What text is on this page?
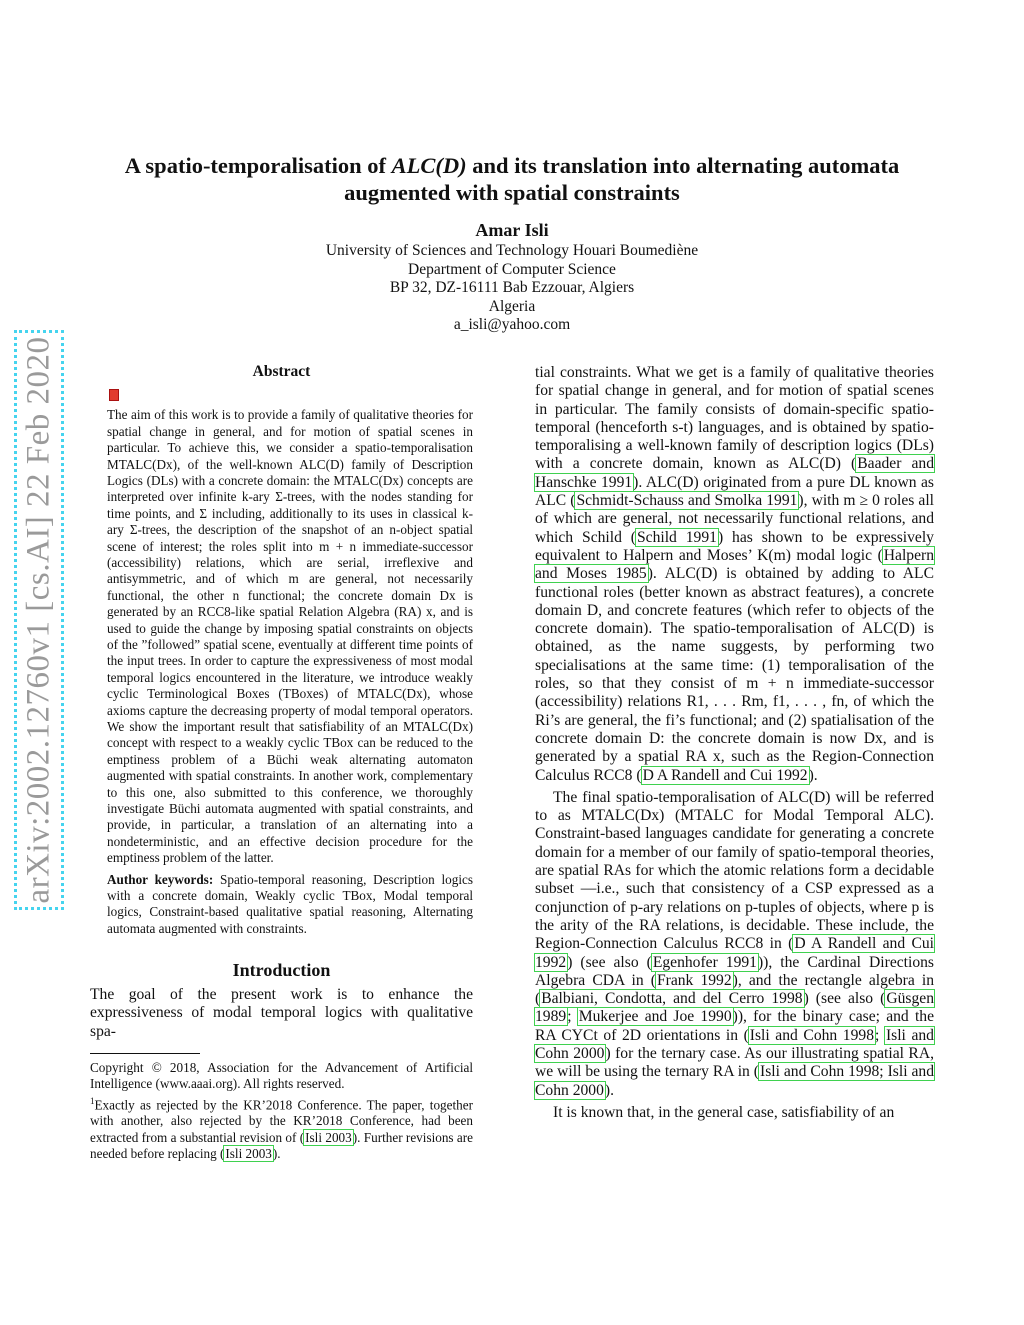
arXiv:2002.12760v1 [cs.AI] 22 Feb 2020
A spatio-temporalisation of ALC(D) and its translation into alternating automata
augmented with spatial constraints
Amar Isli
University of Sciences and Technology Houari Boumediène
Department of Computer Science
BP 32, DZ-16111 Bab Ezzouar, Algiers
Algeria
a_isli@yahoo.com
Abstract

The aim of this work is to provide a family of qualitative theories for spatial change in general, and for motion of spatial scenes in particular. To achieve this, we consider a spatio-temporalisation MTALC(Dx), of the well-known ALC(D) family of Description Logics (DLs) with a concrete domain: the MTALC(Dx) concepts are interpreted over infinite k-ary Σ-trees, with the nodes standing for time points, and Σ including, additionally to its uses in classical k-ary Σ-trees, the description of the snapshot of an n-object spatial scene of interest; the roles split into m + n immediate-successor (accessibility) relations, which are serial, irreflexive and antisymmetric, and of which m are general, not necessarily functional, the other n functional; the concrete domain Dx is generated by an RCC8-like spatial Relation Algebra (RA) x, and is used to guide the change by imposing spatial constraints on objects of the ”followed” spatial scene, eventually at different time points of the input trees. In order to capture the expressiveness of most modal temporal logics encountered in the literature, we introduce weakly cyclic Terminological Boxes (TBoxes) of MTALC(Dx), whose axioms capture the decreasing property of modal temporal operators. We show the important result that satisfiability of an MTALC(Dx) concept with respect to a weakly cyclic TBox can be reduced to the emptiness problem of a Büchi weak alternating automaton augmented with spatial constraints. In another work, complementary to this one, also submitted to this conference, we thoroughly investigate Büchi automata augmented with spatial constraints, and provide, in particular, a translation of an alternating into a nondeterministic, and an effective decision procedure for the emptiness problem of the latter.

Author keywords: Spatio-temporal reasoning, Description logics with a concrete domain, Weakly cyclic TBox, Modal temporal logics, Constraint-based qualitative spatial reasoning, Alternating automata augmented with constraints.

Introduction

The goal of the present work is to enhance the expressiveness of modal temporal logics with qualitative spa-

Copyright © 2018, Association for the Advancement of Artificial Intelligence (www.aaai.org). All rights reserved.

$^1$Exactly as rejected by the KR’2018 Conference. The paper, together with another, also rejected by the KR’2018 Conference, had been extracted from a substantial revision of (Isli 2003). Further revisions are needed before replacing (Isli 2003).

tial constraints. What we get is a family of qualitative theories for spatial change in general, and for motion of spatial scenes in particular. The family consists of domain-specific spatio-temporal (henceforth s-t) languages, and is obtained by spatio-temporalising a well-known family of description logics (DLs) with a concrete domain, known as ALC(D) (Baader and Hanschke 1991). ALC(D) originated from a pure DL known as ALC (Schmidt-Schauss and Smolka 1991), with m ≥ 0 roles all of which are general, not necessarily functional relations, and which Schild (Schild 1991) has shown to be expressively equivalent to Halpern and Moses’ K(m) modal logic (Halpern and Moses 1985). ALC(D) is obtained by adding to ALC functional roles (better known as abstract features), a concrete domain D, and concrete features (which refer to objects of the concrete domain). The spatio-temporalisation of ALC(D) is obtained, as the name suggests, by performing two specialisations at the same time: (1) temporalisation of the roles, so that they consist of m + n immediate-successor (accessibility) relations R1, . . . Rm, f1, . . . , fn, of which the Ri’s are general, the fi’s functional; and (2) spatialisation of the concrete domain D: the concrete domain is now Dx, and is generated by a spatial RA x, such as the Region-Connection Calculus RCC8 (D A Randell and Cui 1992).

The final spatio-temporalisation of ALC(D) will be referred to as MTALC(Dx) (MTALC for Modal Temporal ALC). Constraint-based languages candidate for generating a concrete domain for a member of our family of spatio-temporal theories, are spatial RAs for which the atomic relations form a decidable subset —i.e., such that consistency of a CSP expressed as a conjunction of p-ary relations on p-tuples of objects, where p is the arity of the RA relations, is decidable. These include, the Region-Connection Calculus RCC8 in (D A Randell and Cui 1992) (see also (Egenhofer 1991)), the Cardinal Directions Algebra CDA in (Frank 1992), and the rectangle algebra in (Balbiani, Condotta, and del Cerro 1998) (see also (Güsgen 1989; Mukerjee and Joe 1990)), for the binary case; and the RA CYCt of 2D orientations in (Isli and Cohn 1998; Isli and Cohn 2000) for the ternary case. As our illustrating spatial RA, we will be using the ternary RA in (Isli and Cohn 1998; Isli and Cohn 2000).

It is known that, in the general case, satisfiability of an
